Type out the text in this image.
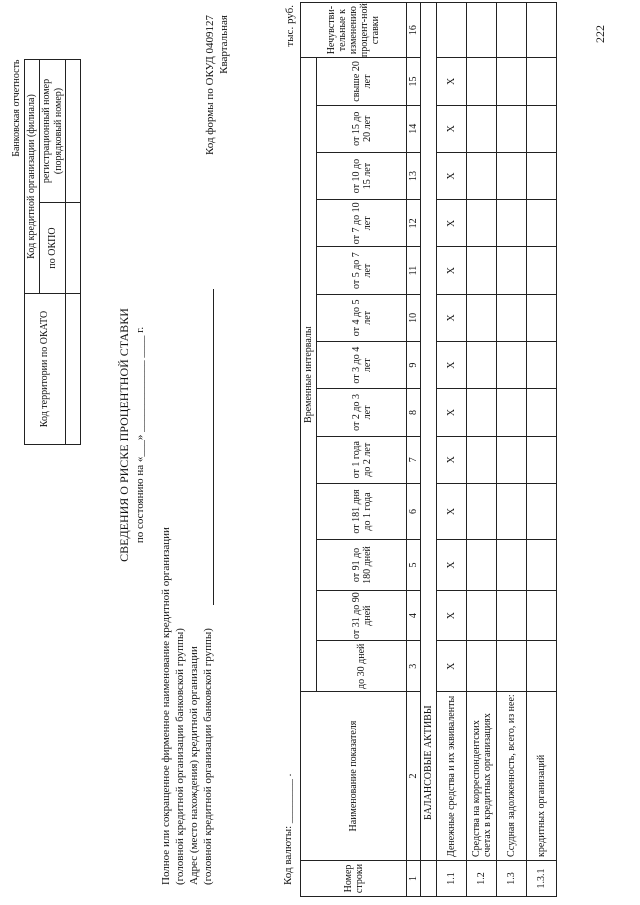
Банковская отчетность		
Код территории по ОКАТО	Код кредитной организации (филиала)	
	по ОКПО	регистрационный номер (порядковый номер)

СВЕДЕНИЯ О РИСКЕ ПРОЦЕНТНОЙ СТАВКИ по состоянию на «___» _____________ ____ г.
Полное или сокращенное фирменное наименование кредитной организации (головной кредитной организации банковской группы) Адрес (место нахождения) кредитной организации (головной кредитной организации банковской группы)
Код формы по ОКУД 0409127 Квартальная
Код валюты: ________ .
тыс. руб.
Номер строки	Наименование показателя	Временные интервалы													Нечувстви-тельные к изменению процент-ной ставки
		до 30 дней	от 31 до 90 дней	от 91 до 180 дней	от 181 дня до 1 года	от 1 года до 2 лет	от 2 до 3 лет	от 3 до 4 лет	от 4 до 5 лет	от 5 до 7 лет	от 7 до 10 лет	от 10 до 15 лет	от 15 до 20 лет	свыше 20 лет	
1	2	3	4	5	6	7	8	9	10	11	12	13	14	15	16
	БАЛАНСОВЫЕ АКТИВЫ														
1.1	Денежные средства и их эквиваленты	X	X	X	X	X	X	X	X	X	X	X	X	X	
1.2	Средства на корреспондентских счетах в кредитных организациях														
1.3	Ссудная задолженность, всего, из нее:														
1.3.1	кредитных организаций														
222
